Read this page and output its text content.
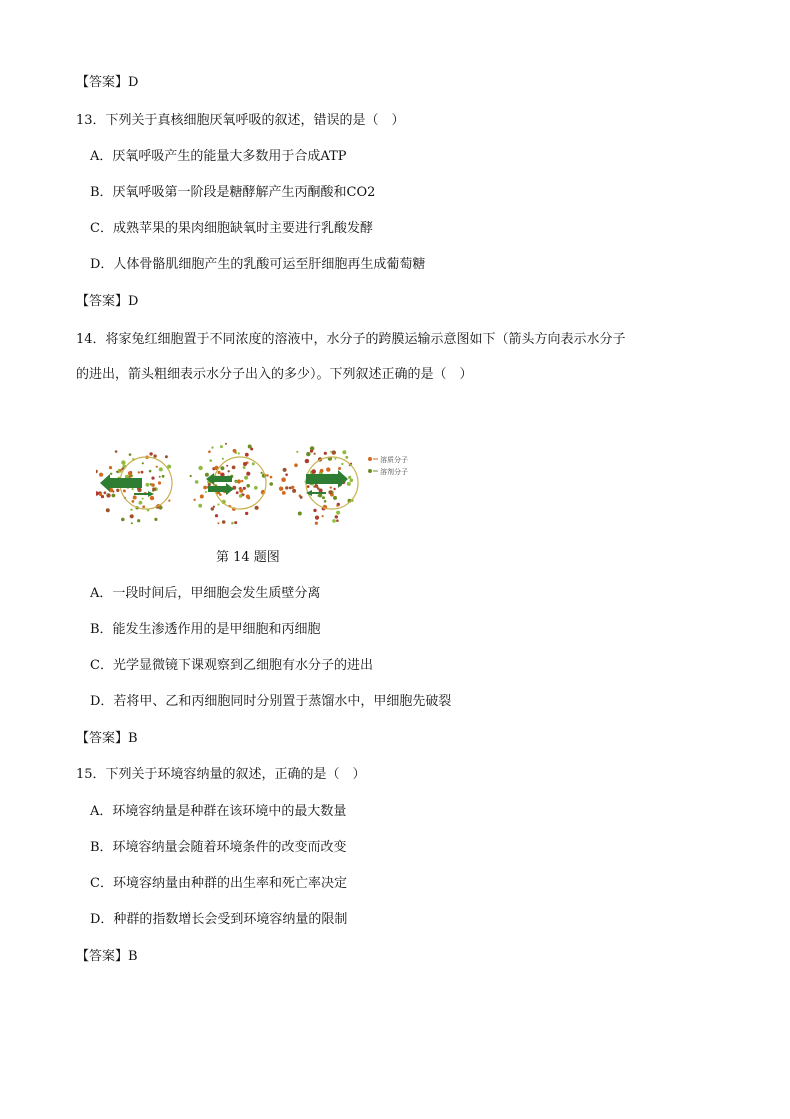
【答案】D
13．下列关于真核细胞厌氧呼吸的叙述，错误的是（　）
A．厌氧呼吸产生的能量大多数用于合成ATP
B．厌氧呼吸第一阶段是糖酵解产生丙酮酸和CO2
C．成熟苹果的果肉细胞缺氧时主要进行乳酸发酵
D．人体骨骼肌细胞产生的乳酸可运至肝细胞再生成葡萄糖
【答案】D
14．将家兔红细胞置于不同浓度的溶液中，水分子的跨膜运输示意图如下（箭头方向表示水分子
的进出，箭头粗细表示水分子出入的多少）。下列叙述正确的是（　）
溶质分子
溶剂分子
第 14 题图
A．一段时间后，甲细胞会发生质壁分离
B．能发生渗透作用的是甲细胞和丙细胞
C．光学显微镜下课观察到乙细胞有水分子的进出
D．若将甲、乙和丙细胞同时分别置于蒸馏水中，甲细胞先破裂
【答案】B
15．下列关于环境容纳量的叙述，正确的是（　）
A．环境容纳量是种群在该环境中的最大数量
B．环境容纳量会随着环境条件的改变而改变
C．环境容纳量由种群的出生率和死亡率决定
D．种群的指数增长会受到环境容纳量的限制
【答案】B
